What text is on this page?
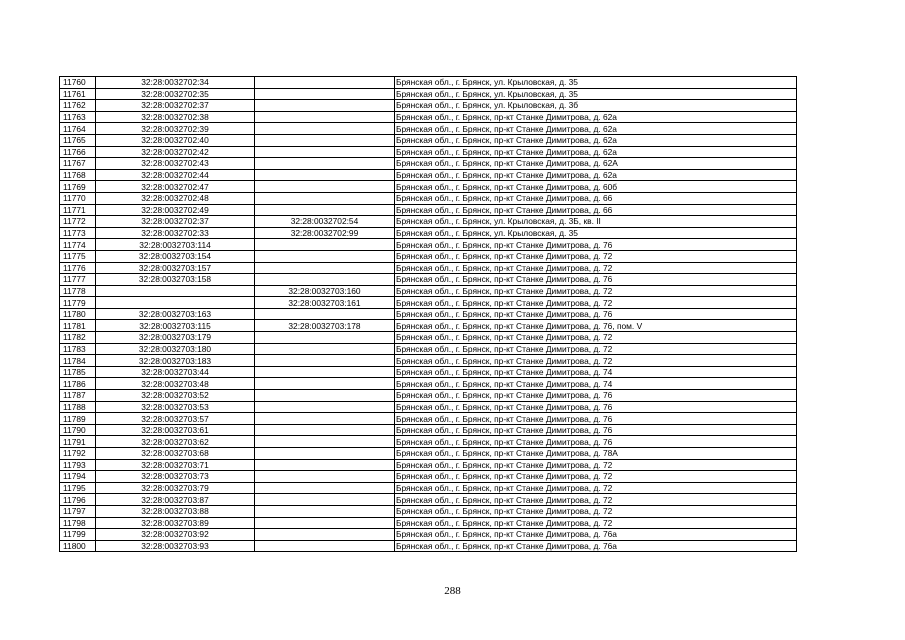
11760	32:28:0032702:34		Брянская обл., г. Брянск, ул. Крыловская, д. 35
11761	32:28:0032702:35		Брянская обл., г. Брянск, ул. Крыловская, д. 35
11762	32:28:0032702:37		Брянская обл., г. Брянск, ул. Крыловская, д. 3б
11763	32:28:0032702:38		Брянская обл., г. Брянск, пр-кт Станке Димитрова, д. 62а
11764	32:28:0032702:39		Брянская обл., г. Брянск, пр-кт Станке Димитрова, д. 62а
11765	32:28:0032702:40		Брянская обл., г. Брянск, пр-кт Станке Димитрова, д. 62а
11766	32:28:0032702:42		Брянская обл., г. Брянск, пр-кт Станке Димитрова, д. 62а
11767	32:28:0032702:43		Брянская обл., г. Брянск, пр-кт Станке Димитрова, д. 62А
11768	32:28:0032702:44		Брянская обл., г. Брянск, пр-кт Станке Димитрова, д. 62а
11769	32:28:0032702:47		Брянская обл., г. Брянск, пр-кт Станке Димитрова, д. 60б
11770	32:28:0032702:48		Брянская обл., г. Брянск, пр-кт Станке Димитрова, д. 66
11771	32:28:0032702:49		Брянская обл., г. Брянск, пр-кт Станке Димитрова, д. 66
11772	32:28:0032702:37	32:28:0032702:54	Брянская обл., г. Брянск, ул. Крыловская, д. 3Б, кв. II
11773	32:28:0032702:33	32:28:0032702:99	Брянская обл., г. Брянск, ул. Крыловская, д. 35
11774	32:28:0032703:114		Брянская обл., г. Брянск, пр-кт Станке Димитрова, д. 76
11775	32:28:0032703:154		Брянская обл., г. Брянск, пр-кт Станке Димитрова, д. 72
11776	32:28:0032703:157		Брянская обл., г. Брянск, пр-кт Станке Димитрова, д. 72
11777	32:28:0032703:158		Брянская обл., г. Брянск, пр-кт Станке Димитрова, д. 76
11778		32:28:0032703:160	Брянская обл., г. Брянск, пр-кт Станке Димитрова, д. 72
11779		32:28:0032703:161	Брянская обл., г. Брянск, пр-кт Станке Димитрова, д. 72
11780	32:28:0032703:163		Брянская обл., г. Брянск, пр-кт Станке Димитрова, д. 76
11781	32:28:0032703:115	32:28:0032703:178	Брянская обл., г. Брянск, пр-кт Станке Димитрова, д. 76, пом. V
11782	32:28:0032703:179		Брянская обл., г. Брянск, пр-кт Станке Димитрова, д. 72
11783	32:28:0032703:180		Брянская обл., г. Брянск, пр-кт Станке Димитрова, д. 72
11784	32:28:0032703:183		Брянская обл., г. Брянск, пр-кт Станке Димитрова, д. 72
11785	32:28:0032703:44		Брянская обл., г. Брянск, пр-кт Станке Димитрова, д. 74
11786	32:28:0032703:48		Брянская обл., г. Брянск, пр-кт Станке Димитрова, д. 74
11787	32:28:0032703:52		Брянская обл., г. Брянск, пр-кт Станке Димитрова, д. 76
11788	32:28:0032703:53		Брянская обл., г. Брянск, пр-кт Станке Димитрова, д. 76
11789	32:28:0032703:57		Брянская обл., г. Брянск, пр-кт Станке Димитрова, д. 76
11790	32:28:0032703:61		Брянская обл., г. Брянск, пр-кт Станке Димитрова, д. 76
11791	32:28:0032703:62		Брянская обл., г. Брянск, пр-кт Станке Димитрова, д. 76
11792	32:28:0032703:68		Брянская обл., г. Брянск, пр-кт Станке Димитрова, д. 78А
11793	32:28:0032703:71		Брянская обл., г. Брянск, пр-кт Станке Димитрова, д. 72
11794	32:28:0032703:73		Брянская обл., г. Брянск, пр-кт Станке Димитрова, д. 72
11795	32:28:0032703:79		Брянская обл., г. Брянск, пр-кт Станке Димитрова, д. 72
11796	32:28:0032703:87		Брянская обл., г. Брянск, пр-кт Станке Димитрова, д. 72
11797	32:28:0032703:88		Брянская обл., г. Брянск, пр-кт Станке Димитрова, д. 72
11798	32:28:0032703:89		Брянская обл., г. Брянск, пр-кт Станке Димитрова, д. 72
11799	32:28:0032703:92		Брянская обл., г. Брянск, пр-кт Станке Димитрова, д. 76а
11800	32:28:0032703:93		Брянская обл., г. Брянск, пр-кт Станке Димитрова, д. 76а
288
